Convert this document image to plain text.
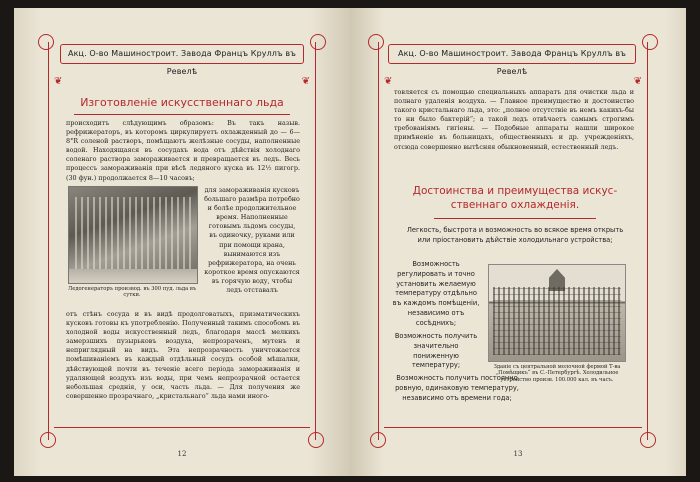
❦	❦
Акц. О-во Машиностроит. Завода Францъ Круллъ въ Ревелѣ
Изготовленiе искусственнаго льда
происходитъ слѣдующимъ образомъ: Въ такъ назыв. рефрижераторъ, въ которомъ циркулируетъ охлажденный до — 6—8°R соленой растворъ, помѣщаютъ желѣзные сосуды, наполненные водой. Находящаяся въ сосудахъ вода отъ дѣйствiя холоднаго соленаго раствора замораживается и превращается въ ледъ. Весь процессъ замораживанiя при вѣсѣ ледяного куска въ 12½ пигогр. (30 фун.) продолжается 8—10 часовъ;
Ледогенераторъ производ. въ 300 пуд. льда въ сутки.
для замораживанiя кусковъ большаго размѣра потребно и болѣе продолжительное время. Наполненные готовымъ льдомъ сосуды, въ одиночку, руками или при помощи крана, вынимаются изъ рефрижератора, на очень короткое время опускаются въ горячую воду, чтобы ледъ отставалъ
отъ стѣнъ сосуда и въ видѣ продолговатыхъ, призматическихъ кусковъ готовы къ употребленiю. Полученный такимъ способомъ въ холодной воды искусственный ледъ, благодаря массѣ мелкихъ замерзшихъ пузырьковъ воздуха, непрозраченъ, мутенъ и неприглядный на видъ. Эта непрозрачность уничтожается помѣшиванiемъ въ каждый отдѣльный сосудъ особой мѣшалки, дѣйствующей почти въ теченiе всего перiода замораживанiя и удаляющей воздухъ изъ воды, при чемъ непрозрачной остается небольшая среднiя, у оси, часть льда. — Для получения же совершенно прозрачнаго, „кристальнаго“ льда нами иного-
12
❦	❦
Акц. О-во Машиностроит. Завода Францъ Круллъ въ Ревелѣ
товляется съ помощью специальныхъ аппаратъ для очистки льда и полнаго удаленiя воздуха. — Главное преимущество и достоинство такого кристальнаго льда, это: „полное отсутствiе въ немъ какихъ-бы то ни было бактерiй“; а такой ледъ отвѣчаетъ самымъ строгимъ требованiямъ гигiены. — Подобные аппараты нашли широкое примѣненiе въ больницахъ, общественныхъ и др. учрежденiяхъ, отсюда совершенно вытѣсняя обыкновенный, естественный ледъ.
Достоинства и преимущества искус-
ственнаго охлажденiя.
Легкость, быстрота и возможность во всякое время открыть или прiостановить дѣйствiе холодильнаго устройства;
Возможность регулировать и точно установить желаемую температуру отдѣльно въ каждомъ помѣщенiи, независимо отъ сосѣднихъ;
Возможность получить значительно пониженную температуру;
Возможность получить постоянно ровную, одинаковую температуру, независимо отъ времени года;
Зданiе съ центральной молочной фермой Т-ва „Помѣщикъ“ въ С.-Петербургѣ. Холодильное устройство произв. 100.000 кал. въ часъ.
13
